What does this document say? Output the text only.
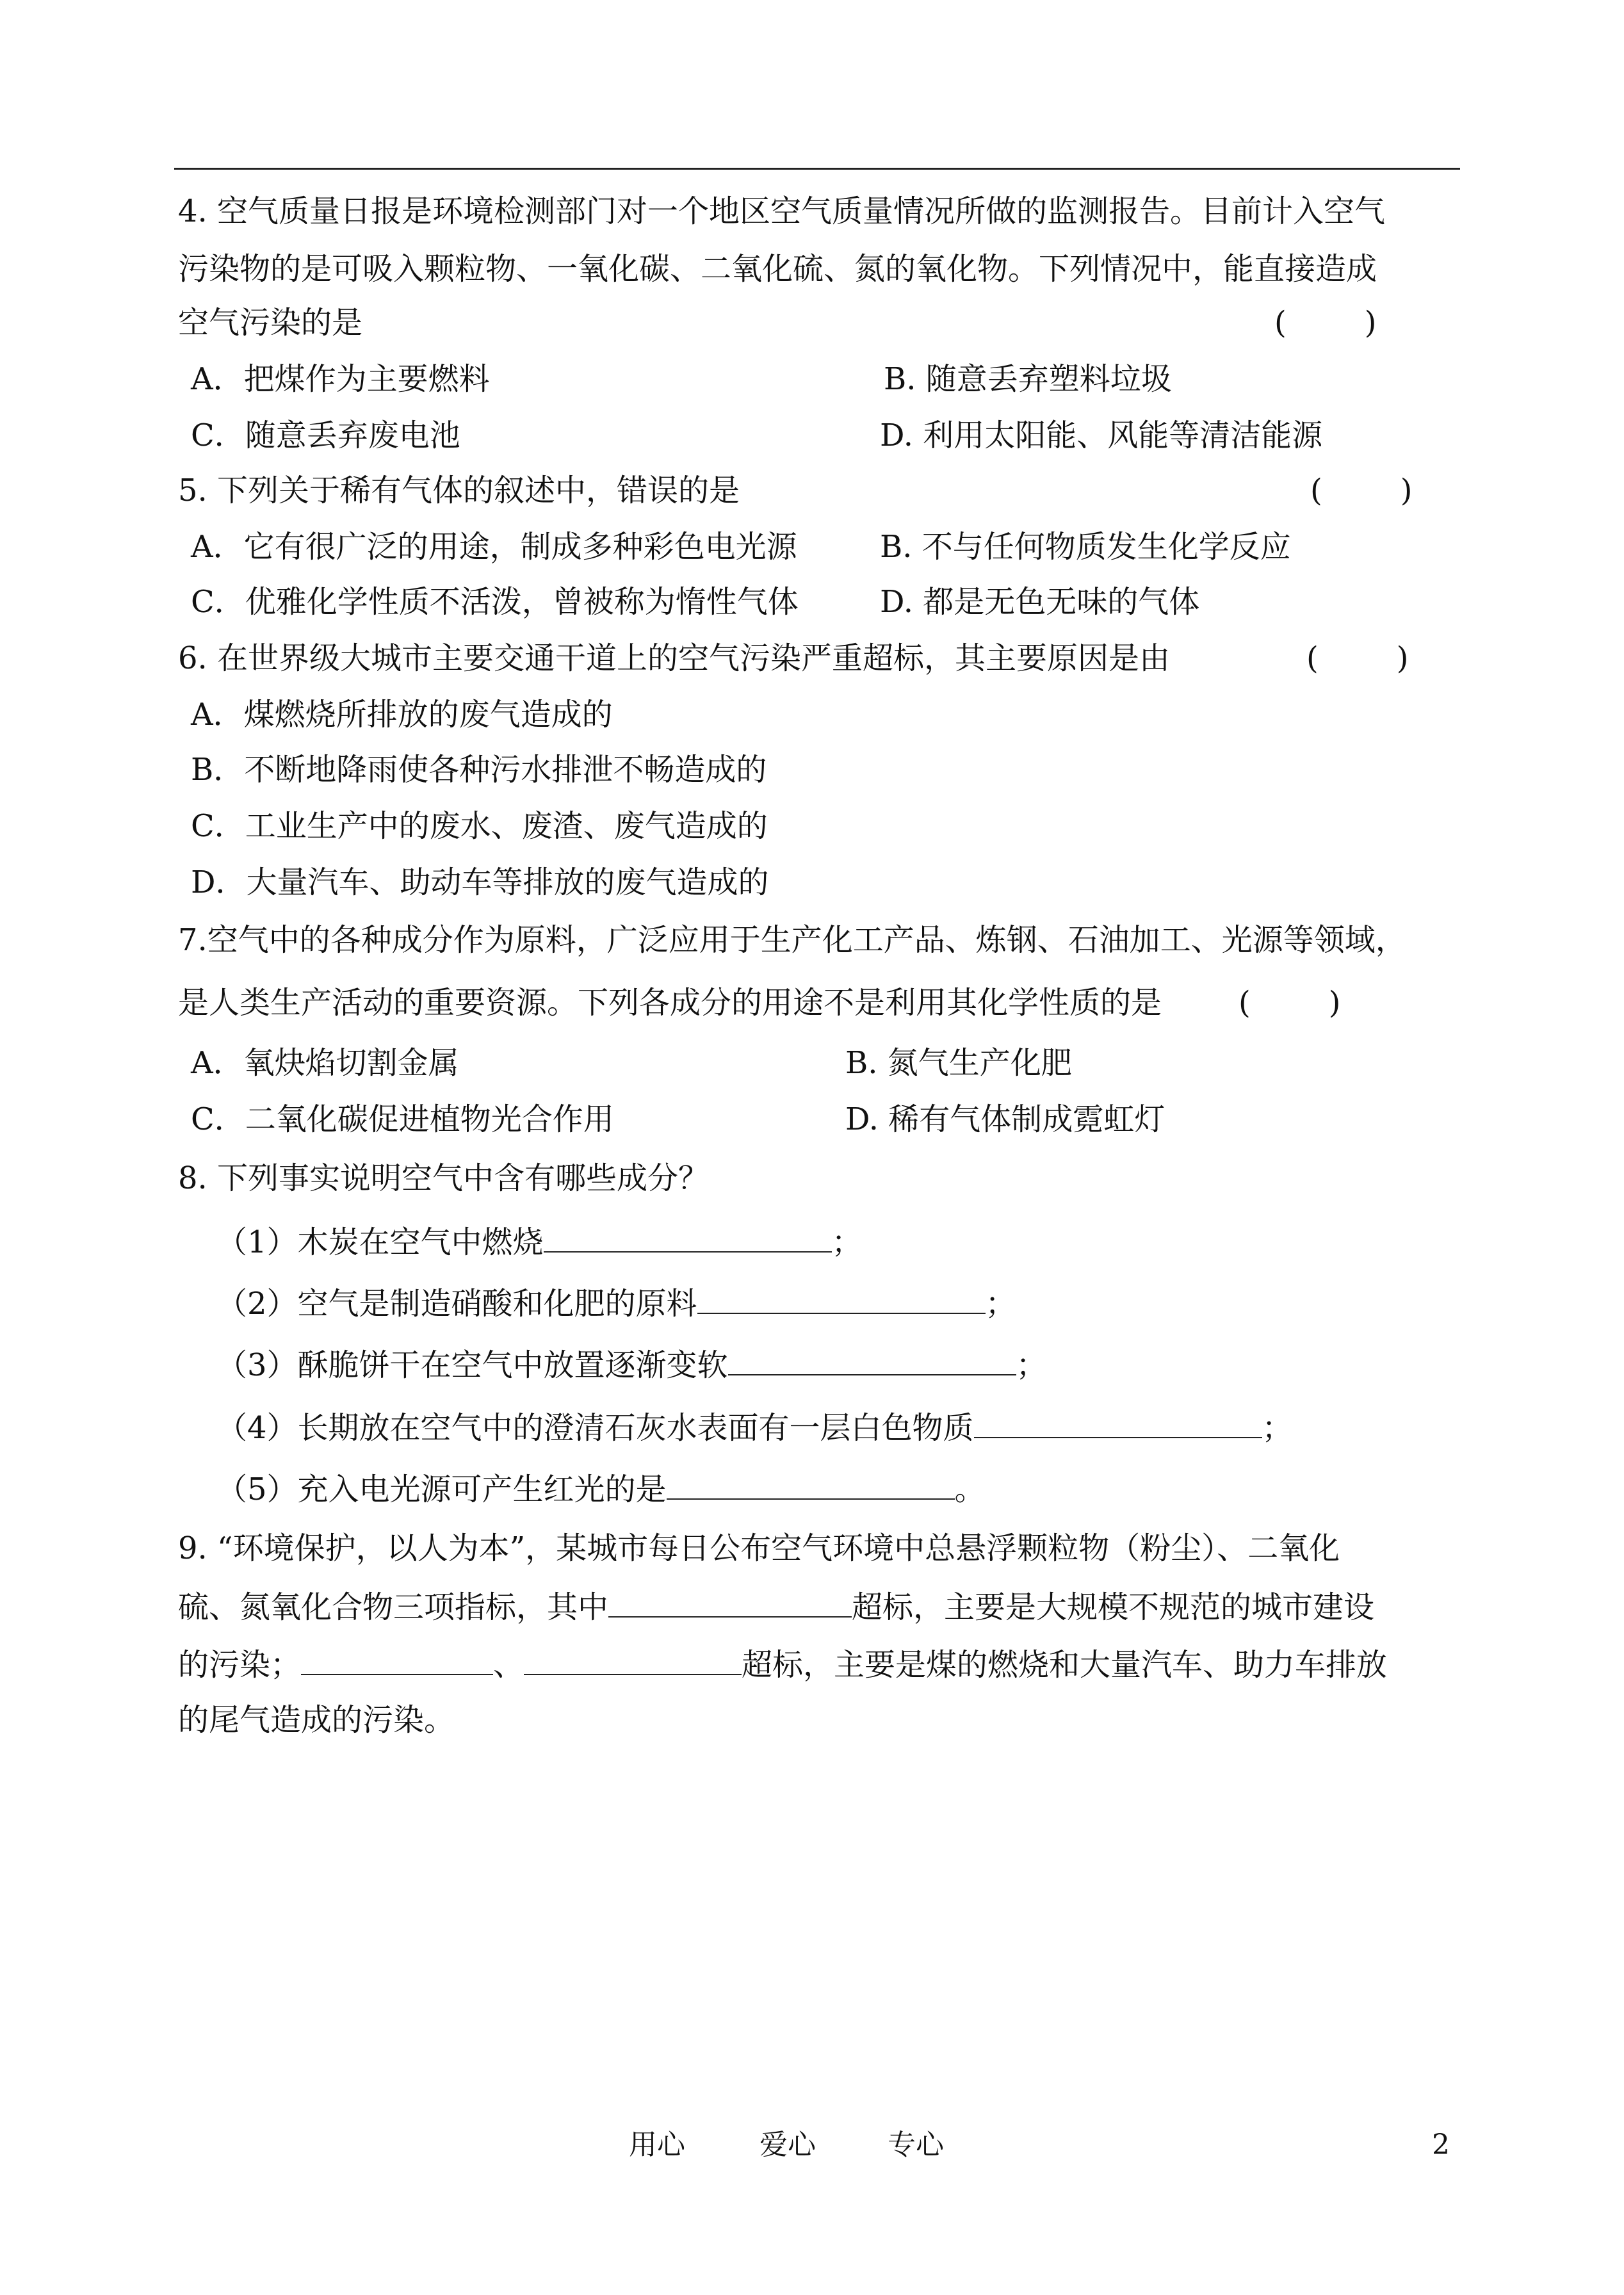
4. 空气质量日报是环境检测部门对一个地区空气质量情况所做的监测报告。目前计入空气
污染物的是可吸入颗粒物、一氧化碳、二氧化硫、氮的氧化物。下列情况中，能直接造成
空气污染的是	(        )
A．把煤作为主要燃料	B. 随意丢弃塑料垃圾
C．随意丢弃废电池	D. 利用太阳能、风能等清洁能源
5. 下列关于稀有气体的叙述中，错误的是	(        )
A．它有很广泛的用途，制成多种彩色电光源	B. 不与任何物质发生化学反应
C．优雅化学性质不活泼，曾被称为惰性气体	D. 都是无色无味的气体
6. 在世界级大城市主要交通干道上的空气污染严重超标，其主要原因是由	(        )
A．煤燃烧所排放的废气造成的
B．不断地降雨使各种污水排泄不畅造成的
C．工业生产中的废水、废渣、废气造成的
D．大量汽车、助动车等排放的废气造成的
7.空气中的各种成分作为原料，广泛应用于生产化工产品、炼钢、石油加工、光源等领域，
是人类生产活动的重要资源。下列各成分的用途不是利用其化学性质的是 (        )
A．氧炔焰切割金属	B. 氮气生产化肥
C．二氧化碳促进植物光合作用	D. 稀有气体制成霓虹灯
8. 下列事实说明空气中含有哪些成分？
（1）木炭在空气中燃烧	；
（2）空气是制造硝酸和化肥的原料	；
（3）酥脆饼干在空气中放置逐渐变软	；
（4）长期放在空气中的澄清石灰水表面有一层白色物质	；
（5）充入电光源可产生红光的是	。
9. “环境保护，以人为本”，某城市每日公布空气环境中总悬浮颗粒物（粉尘）、二氧化
硫、氮氧化合物三项指标，其中	超标，主要是大规模不规范的城市建设
的污染；	、	超标，主要是煤的燃烧和大量汽车、助力车排放
的尾气造成的污染。
用心	爱心	专心	2
